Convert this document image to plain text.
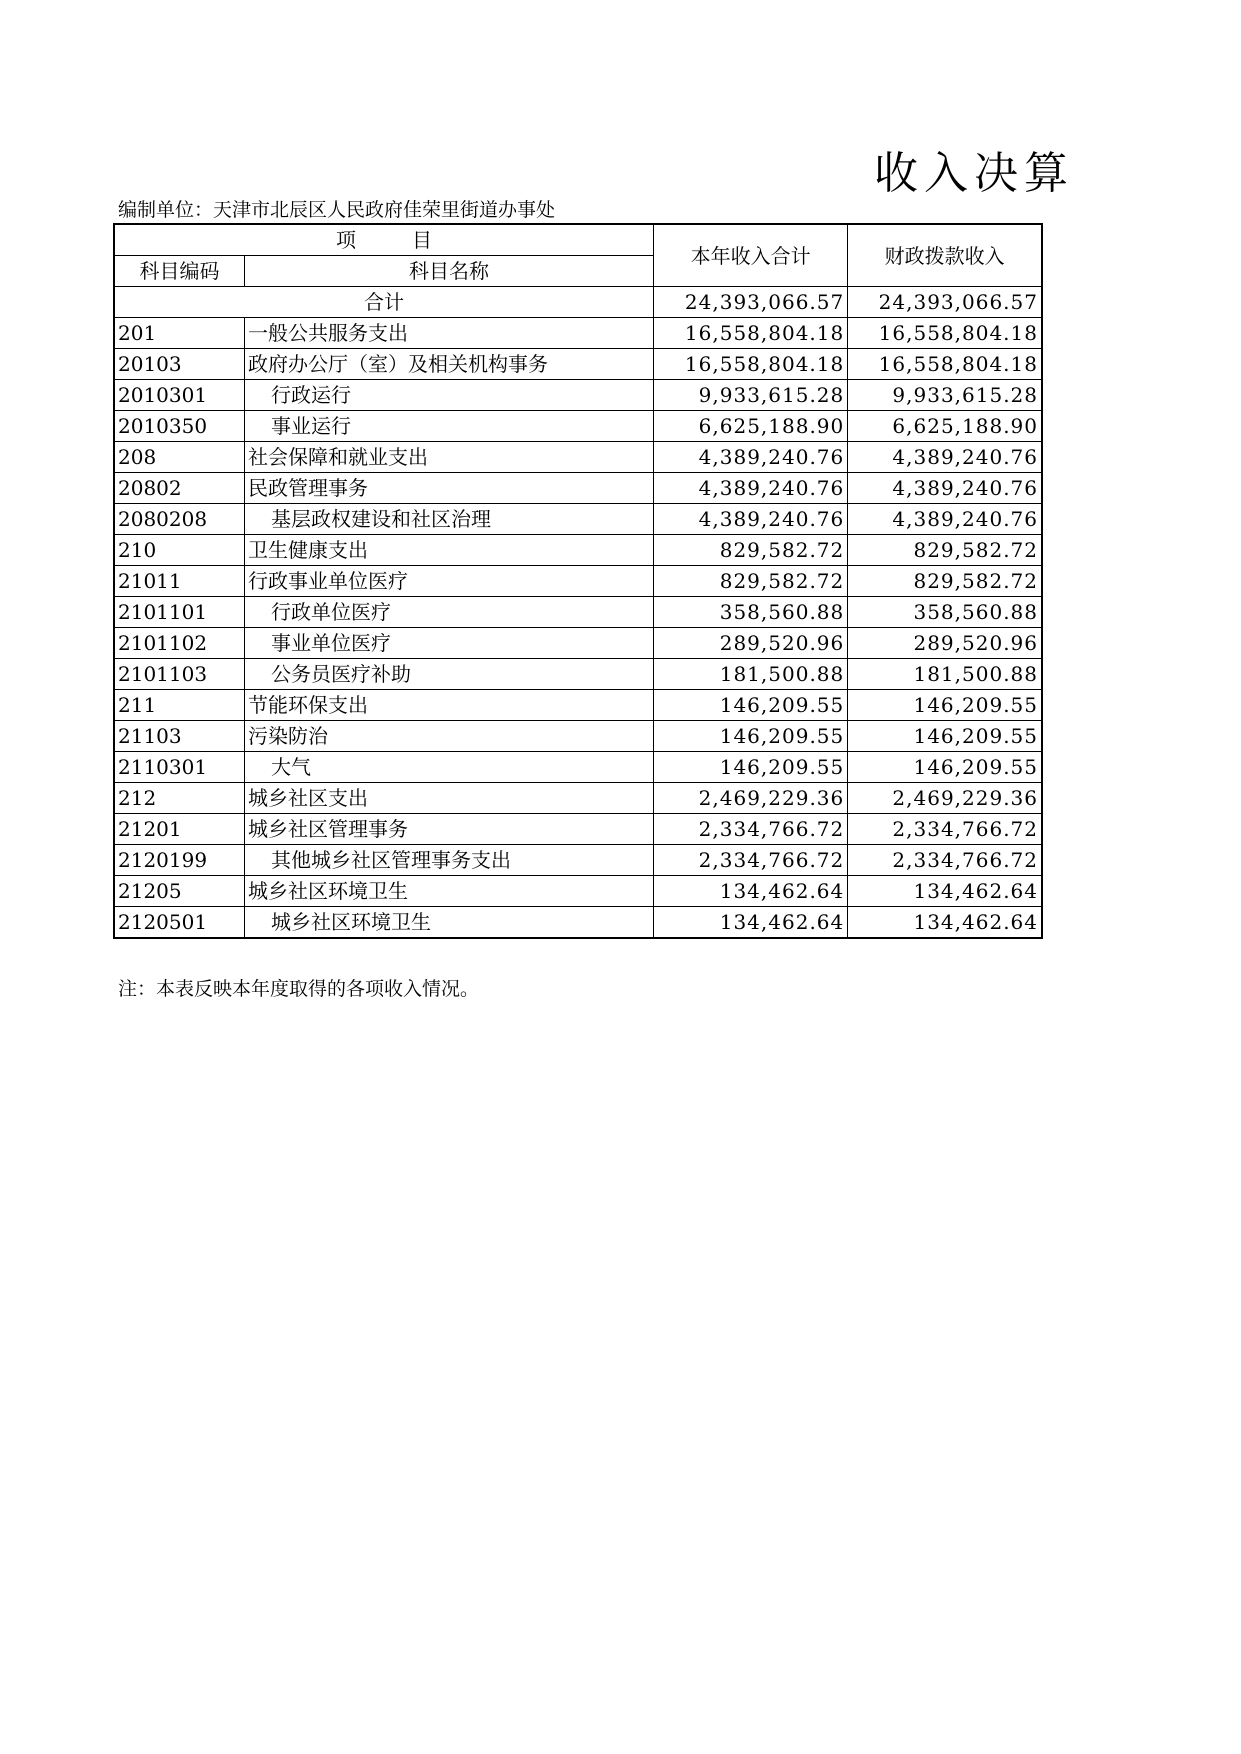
收入决算
编制单位：天津市北辰区人民政府佳荣里街道办事处
项目		本年收入合计	财政拨款收入
科目编码	科目名称		
合计		24,393,066.57	24,393,066.57
201	一般公共服务支出	16,558,804.18	16,558,804.18
20103	政府办公厅（室）及相关机构事务	16,558,804.18	16,558,804.18
2010301	行政运行	9,933,615.28	9,933,615.28
2010350	事业运行	6,625,188.90	6,625,188.90
208	社会保障和就业支出	4,389,240.76	4,389,240.76
20802	民政管理事务	4,389,240.76	4,389,240.76
2080208	基层政权建设和社区治理	4,389,240.76	4,389,240.76
210	卫生健康支出	829,582.72	829,582.72
21011	行政事业单位医疗	829,582.72	829,582.72
2101101	行政单位医疗	358,560.88	358,560.88
2101102	事业单位医疗	289,520.96	289,520.96
2101103	公务员医疗补助	181,500.88	181,500.88
211	节能环保支出	146,209.55	146,209.55
21103	污染防治	146,209.55	146,209.55
2110301	大气	146,209.55	146,209.55
212	城乡社区支出	2,469,229.36	2,469,229.36
21201	城乡社区管理事务	2,334,766.72	2,334,766.72
2120199	其他城乡社区管理事务支出	2,334,766.72	2,334,766.72
21205	城乡社区环境卫生	134,462.64	134,462.64
2120501	城乡社区环境卫生	134,462.64	134,462.64
注：本表反映本年度取得的各项收入情况。
